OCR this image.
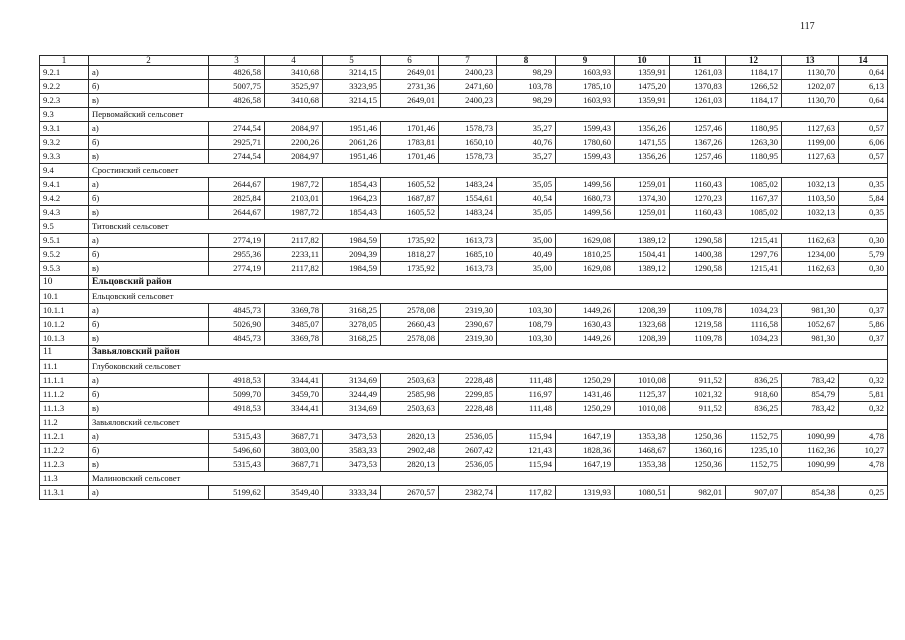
117
1	2	3	4	5	6	7	8	9	10	11	12	13	14
9.2.1	а)	4826,58	3410,68	3214,15	2649,01	2400,23	98,29	1603,93	1359,91	1261,03	1184,17	1130,70	0,64
9.2.2	б)	5007,75	3525,97	3323,95	2731,36	2471,60	103,78	1785,10	1475,20	1370,83	1266,52	1202,07	6,13
9.2.3	в)	4826,58	3410,68	3214,15	2649,01	2400,23	98,29	1603,93	1359,91	1261,03	1184,17	1130,70	0,64
9.3	Первомайский сельсовет												
9.3.1	а)	2744,54	2084,97	1951,46	1701,46	1578,73	35,27	1599,43	1356,26	1257,46	1180,95	1127,63	0,57
9.3.2	б)	2925,71	2200,26	2061,26	1783,81	1650,10	40,76	1780,60	1471,55	1367,26	1263,30	1199,00	6,06
9.3.3	в)	2744,54	2084,97	1951,46	1701,46	1578,73	35,27	1599,43	1356,26	1257,46	1180,95	1127,63	0,57
9.4	Сростинский сельсовет												
9.4.1	а)	2644,67	1987,72	1854,43	1605,52	1483,24	35,05	1499,56	1259,01	1160,43	1085,02	1032,13	0,35
9.4.2	б)	2825,84	2103,01	1964,23	1687,87	1554,61	40,54	1680,73	1374,30	1270,23	1167,37	1103,50	5,84
9.4.3	в)	2644,67	1987,72	1854,43	1605,52	1483,24	35,05	1499,56	1259,01	1160,43	1085,02	1032,13	0,35
9.5	Титовский сельсовет												
9.5.1	а)	2774,19	2117,82	1984,59	1735,92	1613,73	35,00	1629,08	1389,12	1290,58	1215,41	1162,63	0,30
9.5.2	б)	2955,36	2233,11	2094,39	1818,27	1685,10	40,49	1810,25	1504,41	1400,38	1297,76	1234,00	5,79
9.5.3	в)	2774,19	2117,82	1984,59	1735,92	1613,73	35,00	1629,08	1389,12	1290,58	1215,41	1162,63	0,30
10	Ельцовский район												
10.1	Ельцовский сельсовет												
10.1.1	а)	4845,73	3369,78	3168,25	2578,08	2319,30	103,30	1449,26	1208,39	1109,78	1034,23	981,30	0,37
10.1.2	б)	5026,90	3485,07	3278,05	2660,43	2390,67	108,79	1630,43	1323,68	1219,58	1116,58	1052,67	5,86
10.1.3	в)	4845,73	3369,78	3168,25	2578,08	2319,30	103,30	1449,26	1208,39	1109,78	1034,23	981,30	0,37
11	Завьяловский район												
11.1	Глубоковский сельсовет												
11.1.1	а)	4918,53	3344,41	3134,69	2503,63	2228,48	111,48	1250,29	1010,08	911,52	836,25	783,42	0,32
11.1.2	б)	5099,70	3459,70	3244,49	2585,98	2299,85	116,97	1431,46	1125,37	1021,32	918,60	854,79	5,81
11.1.3	в)	4918,53	3344,41	3134,69	2503,63	2228,48	111,48	1250,29	1010,08	911,52	836,25	783,42	0,32
11.2	Завьяловский сельсовет												
11.2.1	а)	5315,43	3687,71	3473,53	2820,13	2536,05	115,94	1647,19	1353,38	1250,36	1152,75	1090,99	4,78
11.2.2	б)	5496,60	3803,00	3583,33	2902,48	2607,42	121,43	1828,36	1468,67	1360,16	1235,10	1162,36	10,27
11.2.3	в)	5315,43	3687,71	3473,53	2820,13	2536,05	115,94	1647,19	1353,38	1250,36	1152,75	1090,99	4,78
11.3	Малиновский сельсовет												
11.3.1	а)	5199,62	3549,40	3333,34	2670,57	2382,74	117,82	1319,93	1080,51	982,01	907,07	854,38	0,25
